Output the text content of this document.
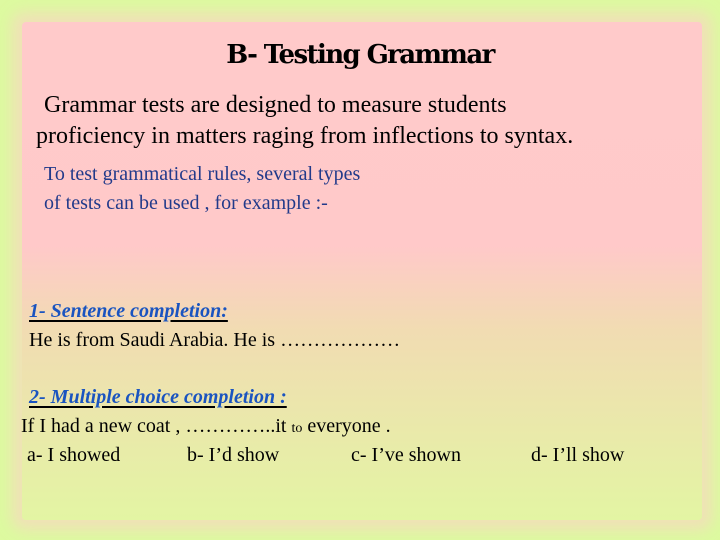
B- Testing Grammar
Grammar tests are designed to measure students
proficiency in matters raging from inflections to syntax.
To test grammatical rules, several types
of tests can be used , for example :-
1- Sentence completion:
He is from Saudi Arabia. He is ………………
2- Multiple choice completion :
If I had a new coat , …………..it to everyone .
a- I showed	b- I’d show	c- I’ve shown	d- I’ll show
